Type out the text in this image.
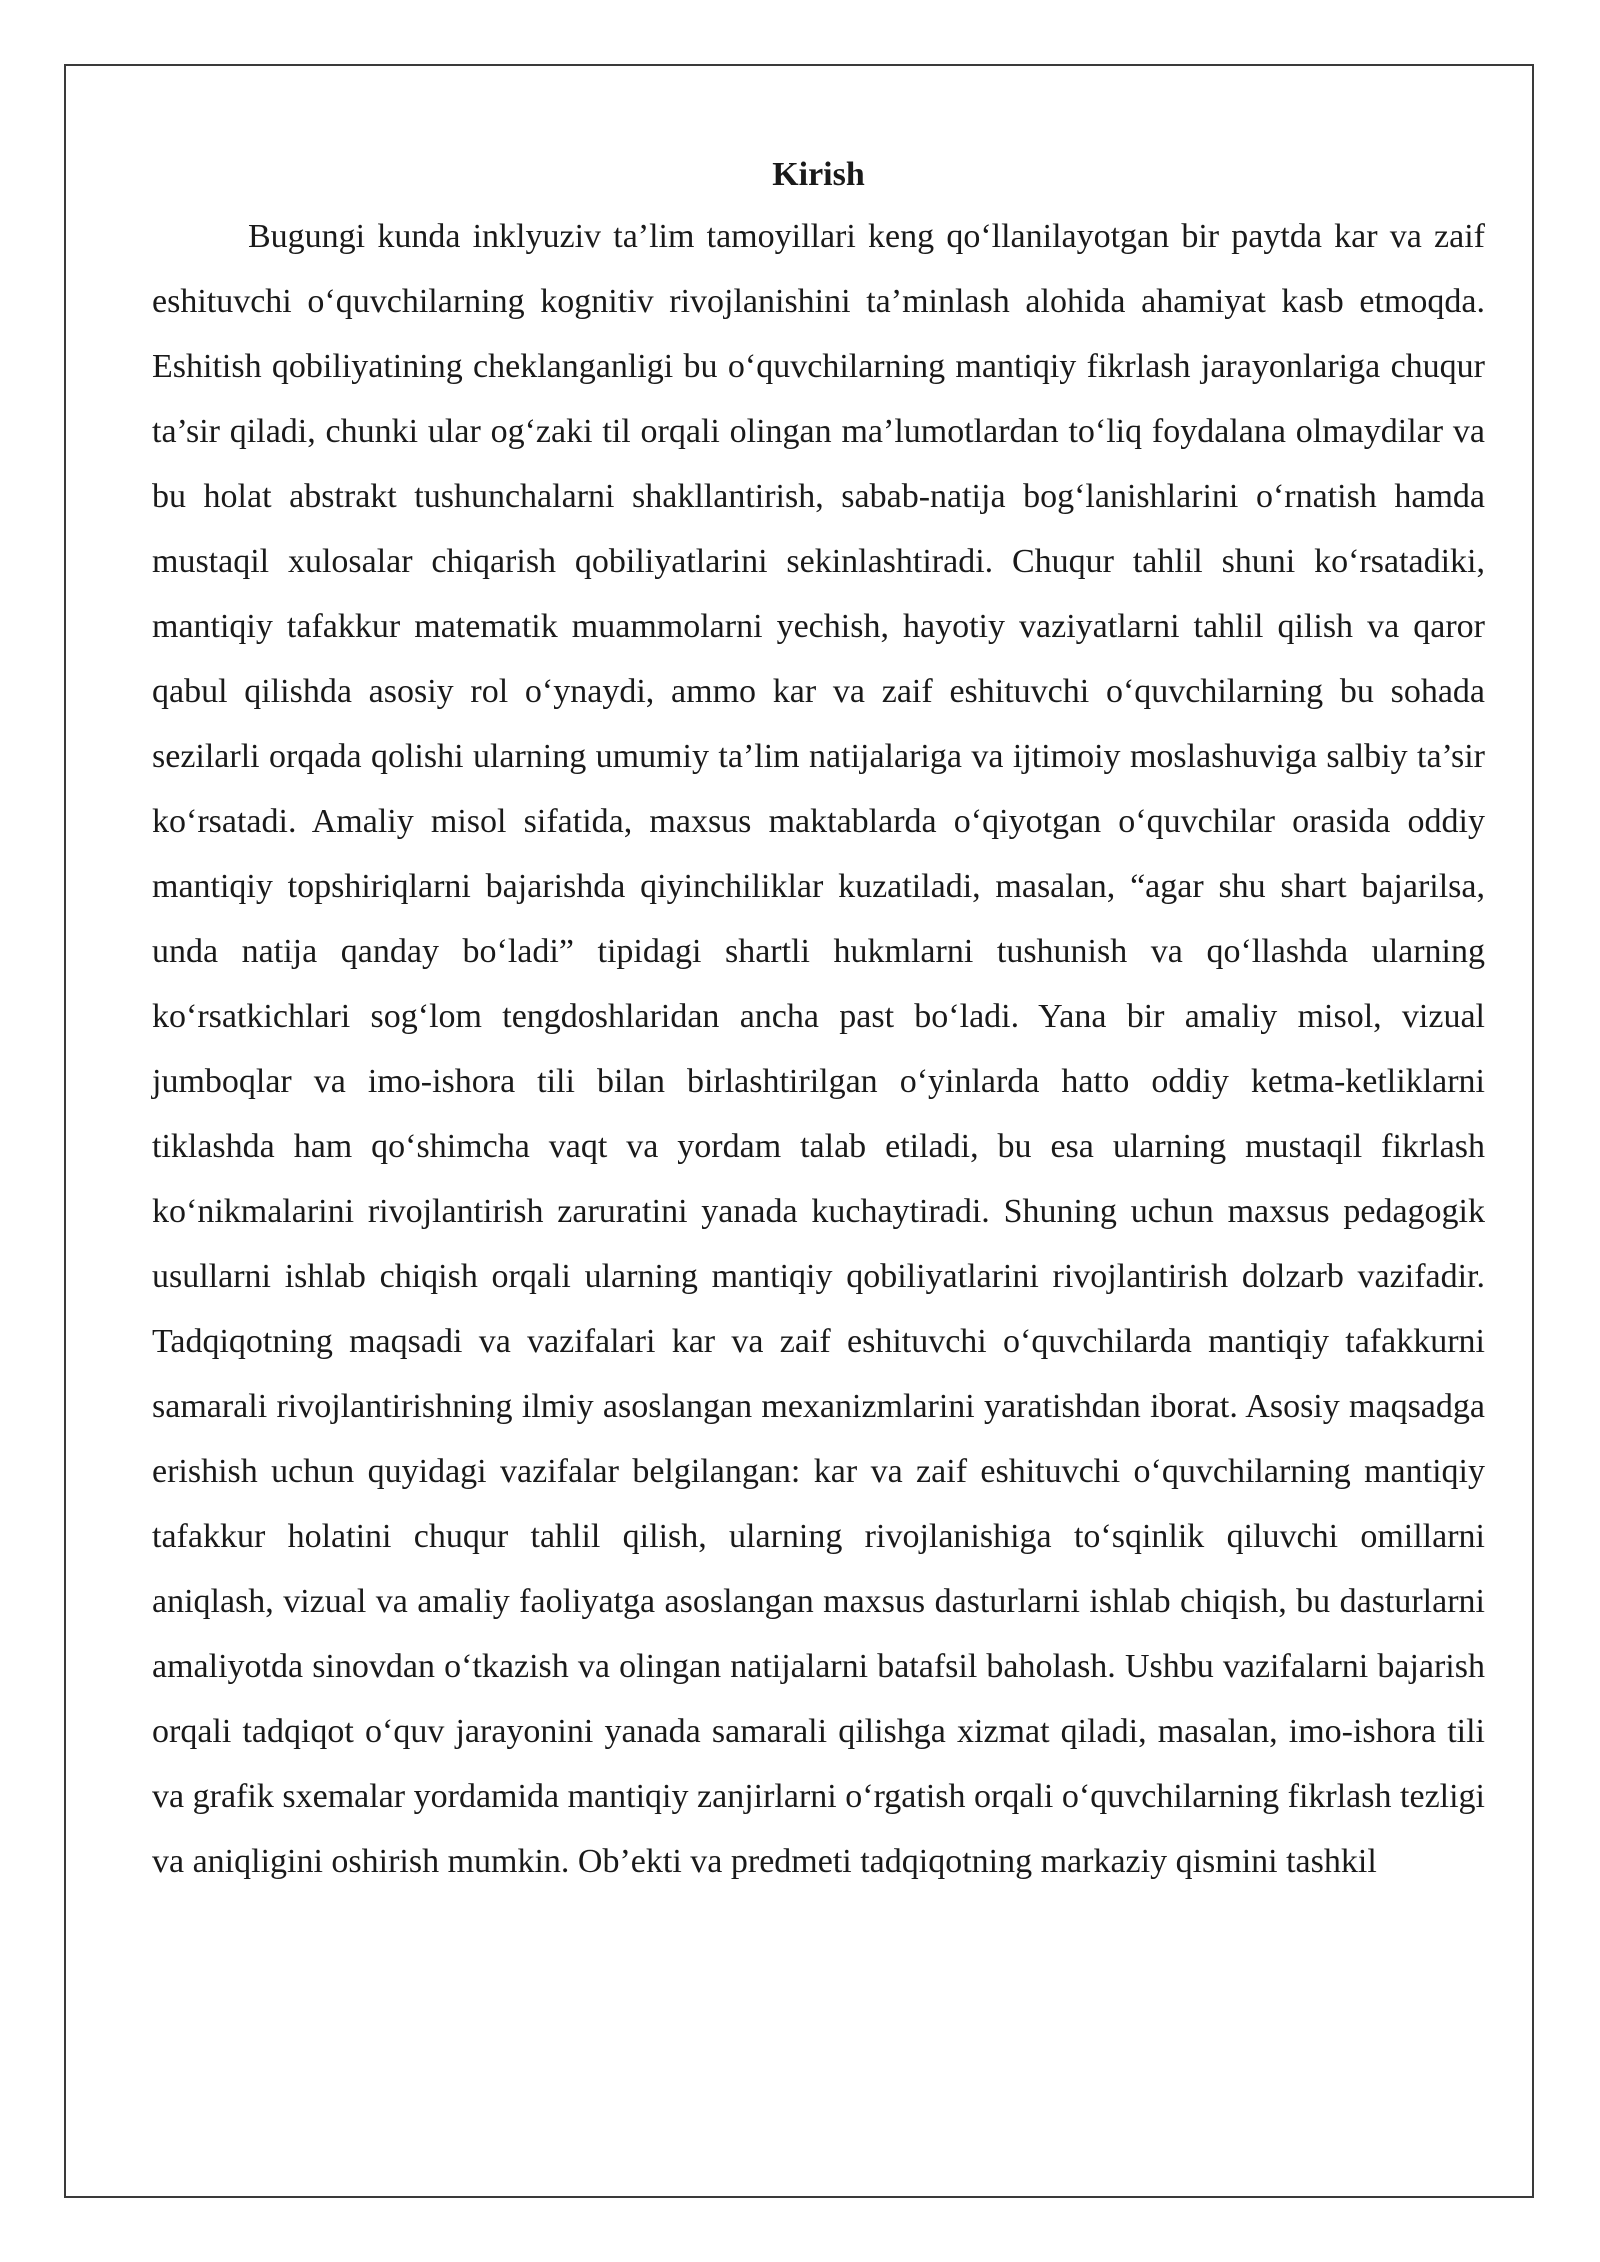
Kirish

Bugungi kunda inklyuziv ta’lim tamoyillari keng qo‘llanilayotgan bir paytda kar va zaif eshituvchi o‘quvchilarning kognitiv rivojlanishini ta’minlash alohida ahamiyat kasb etmoqda. Eshitish qobiliyatining cheklanganligi bu o‘quvchilarning mantiqiy fikrlash jarayonlariga chuqur ta’sir qiladi, chunki ular og‘zaki til orqali olingan ma’lumotlardan to‘liq foydalana olmaydilar va bu holat abstrakt tushunchalarni shakllantirish, sabab-natija bog‘lanishlarini o‘rnatish hamda mustaqil xulosalar chiqarish qobiliyatlarini sekinlashtiradi. Chuqur tahlil shuni ko‘rsatadiki, mantiqiy tafakkur matematik muammolarni yechish, hayotiy vaziyatlarni tahlil qilish va qaror qabul qilishda asosiy rol o‘ynaydi, ammo kar va zaif eshituvchi o‘quvchilarning bu sohada sezilarli orqada qolishi ularning umumiy ta’lim natijalariga va ijtimoiy moslashuviga salbiy ta’sir ko‘rsatadi. Amaliy misol sifatida, maxsus maktablarda o‘qiyotgan o‘quvchilar orasida oddiy mantiqiy topshiriqlarni bajarishda qiyinchiliklar kuzatiladi, masalan, “agar shu shart bajarilsa, unda natija qanday bo‘ladi” tipidagi shartli hukmlarni tushunish va qo‘llashda ularning ko‘rsatkichlari sog‘lom tengdoshlaridan ancha past bo‘ladi. Yana bir amaliy misol, vizual jumboqlar va imo-ishora tili bilan birlashtirilgan o‘yinlarda hatto oddiy ketma-ketliklarni tiklashda ham qo‘shimcha vaqt va yordam talab etiladi, bu esa ularning mustaqil fikrlash ko‘nikmalarini rivojlantirish zaruratini yanada kuchaytiradi. Shuning uchun maxsus pedagogik usullarni ishlab chiqish orqali ularning mantiqiy qobiliyatlarini rivojlantirish dolzarb vazifadir. Tadqiqotning maqsadi va vazifalari kar va zaif eshituvchi o‘quvchilarda mantiqiy tafakkurni samarali rivojlantirishning ilmiy asoslangan mexanizmlarini yaratishdan iborat. Asosiy maqsadga erishish uchun quyidagi vazifalar belgilangan: kar va zaif eshituvchi o‘quvchilarning mantiqiy tafakkur holatini chuqur tahlil qilish, ularning rivojlanishiga to‘sqinlik qiluvchi omillarni aniqlash, vizual va amaliy faoliyatga asoslangan maxsus dasturlarni ishlab chiqish, bu dasturlarni amaliyotda sinovdan o‘tkazish va olingan natijalarni batafsil baholash. Ushbu vazifalarni bajarish orqali tadqiqot o‘quv jarayonini yanada samarali qilishga xizmat qiladi, masalan, imo-ishora tili va grafik sxemalar yordamida mantiqiy zanjirlarni o‘rgatish orqali o‘quvchilarning fikrlash tezligi va aniqligini oshirish mumkin. Ob’ekti va predmeti tadqiqotning markaziy qismini tashkil
